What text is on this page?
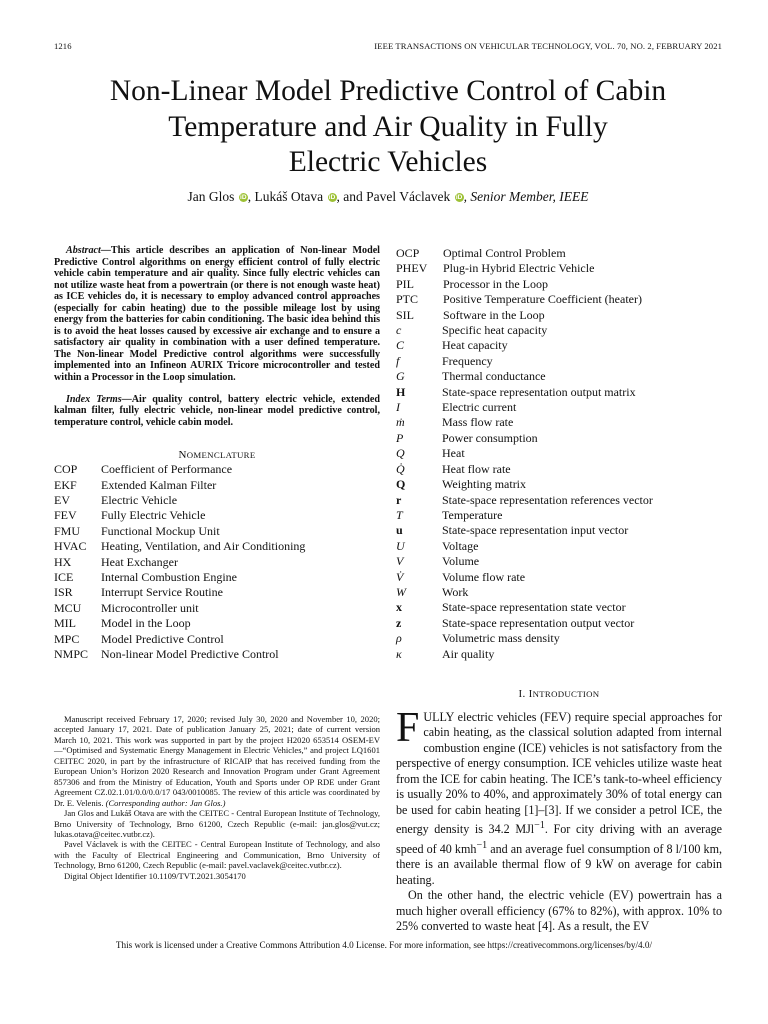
1216	IEEE TRANSACTIONS ON VEHICULAR TECHNOLOGY, VOL. 70, NO. 2, FEBRUARY 2021
Non-Linear Model Predictive Control of Cabin
Temperature and Air Quality in Fully
Electric Vehicles
Jan Glos iD, Lukáš Otava iD, and Pavel Václavek iD, Senior Member, IEEE

Abstract—This article describes an application of Non-linear Model Predictive Control algorithms on energy efficient control of fully electric vehicle cabin temperature and air quality. Since fully electric vehicles can not utilize waste heat from a powertrain (or there is not enough waste heat) as ICE vehicles do, it is necessary to employ advanced control approaches (especially for cabin heating) due to the possible mileage lost by using energy from the batteries for cabin conditioning. The basic idea behind this is to avoid the heat losses caused by excessive air exchange and to ensure a satisfactory air quality in combination with a user defined temperature. The Non-linear Model Predictive control algorithms were successfully implemented into an Infineon AURIX Tricore microcontroller and tested within a Processor in the Loop simulation.

Index Terms—Air quality control, battery electric vehicle, extended kalman filter, fully electric vehicle, non-linear model predictive control, temperature control, vehicle cabin model.

NOMENCLATURE
COP	Coefficient of Performance
EKF	Extended Kalman Filter
EV	Electric Vehicle
FEV	Fully Electric Vehicle
FMU	Functional Mockup Unit
HVAC	Heating, Ventilation, and Air Conditioning
HX	Heat Exchanger
ICE	Internal Combustion Engine
ISR	Interrupt Service Routine
MCU	Microcontroller unit
MIL	Model in the Loop
MPC	Model Predictive Control
NMPC	Non-linear Model Predictive Control

Manuscript received February 17, 2020; revised July 30, 2020 and November 10, 2020; accepted January 17, 2021. Date of publication January 25, 2021; date of current version March 10, 2021. This work was supported in part by the project H2020 653514 OSEM-EV—“Optimised and Systematic Energy Management in Electric Vehicles,” and project LQ1601 CEITEC 2020, in part by the infrastructure of RICAIP that has received funding from the European Union’s Horizon 2020 Research and Innovation Program under Grant Agreement 857306 and from the Ministry of Education, Youth and Sports under OP RDE under Grant Agreement CZ.02.1.01/0.0/0.0/17 043/0010085. The review of this article was coordinated by Dr. E. Velenis. (Corresponding author: Jan Glos.)

Jan Glos and Lukáš Otava are with the CEITEC - Central European Institute of Technology, Brno University of Technology, Brno 61200, Czech Republic (e-mail: jan.glos@vut.cz; lukas.otava@ceitec.vutbr.cz).

Pavel Václavek is with the CEITEC - Central European Institute of Technology, and also with the Faculty of Electrical Engineering and Communication, Brno University of Technology, Brno 61200, Czech Republic (e-mail: pavel.vaclavek@ceitec.vutbr.cz).

Digital Object Identifier 10.1109/TVT.2021.3054170

OCP	Optimal Control Problem
PHEV	Plug-in Hybrid Electric Vehicle
PIL	Processor in the Loop
PTC	Positive Temperature Coefficient (heater)
SIL	Software in the Loop
c	Specific heat capacity
C	Heat capacity
f	Frequency
G	Thermal conductance
H	State-space representation output matrix
I	Electric current
ṁ	Mass flow rate
P	Power consumption
Q	Heat
Q̇	Heat flow rate
Q	Weighting matrix
r	State-space representation references vector
T	Temperature
u	State-space representation input vector
U	Voltage
V	Volume
V̇	Volume flow rate
W	Work
x	State-space representation state vector
z	State-space representation output vector
ρ	Volumetric mass density
κ	Air quality
I. INTRODUCTION

FULLY electric vehicles (FEV) require special approaches for cabin heating, as the classical solution adapted from internal combustion engine (ICE) vehicles is not satisfactory from the perspective of energy consumption. ICE vehicles utilize waste heat from the ICE for cabin heating. The ICE’s tank-to-wheel efficiency is usually 20% to 40%, and approximately 30% of total energy can be used for cabin heating [1]–[3]. If we consider a petrol ICE, the energy density is 34.2 MJl$^{-1}$. For city driving with an average speed of 40 kmh$^{-1}$ and an average fuel consumption of 8 l/100 km, there is an available thermal flow of 9 kW on average for cabin heating.

On the other hand, the electric vehicle (EV) powertrain has a much higher overall efficiency (67% to 82%), with approx. 10% to 25% converted to waste heat [4]. As a result, the EV

This work is licensed under a Creative Commons Attribution 4.0 License. For more information, see https://creativecommons.org/licenses/by/4.0/
